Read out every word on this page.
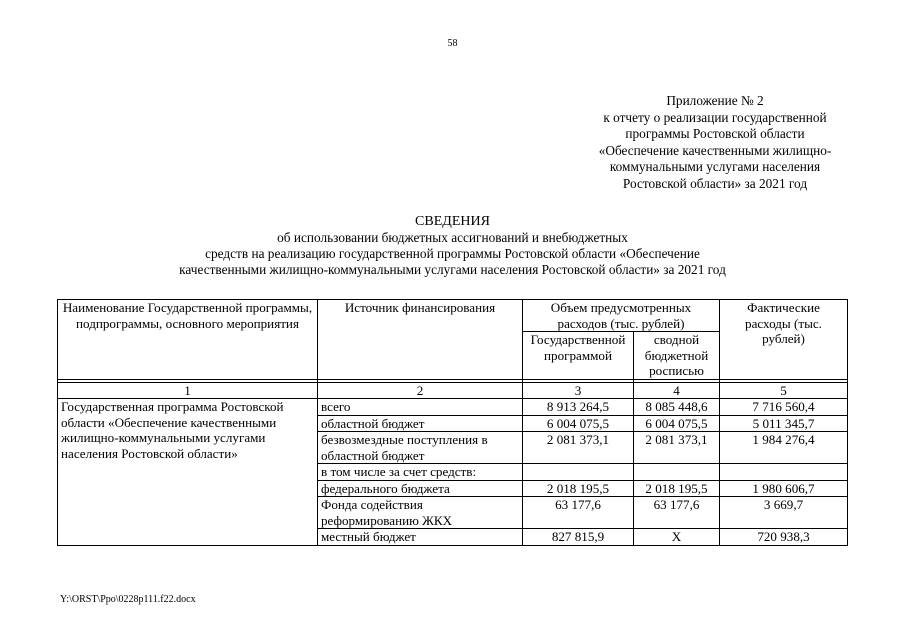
58
Приложение № 2
к отчету о реализации государственной
программы Ростовской области
«Обеспечение качественными жилищно-
коммунальными услугами населения
Ростовской области» за 2021 год
СВЕДЕНИЯ
об использовании бюджетных ассигнований и внебюджетных
средств на реализацию государственной программы Ростовской области «Обеспечение
качественными жилищно-коммунальными услугами населения Ростовской области» за 2021 год
Наименование Государственной программы, подпрограммы, основного мероприятия	Источник финансирования	Объем предусмотренных расходов (тыс. рублей)		Фактические расходы (тыс. рублей)
		Государственной программой	сводной бюджетной росписью	

1	2	3	4	5
Государственная программа Ростовской области «Обеспечение качественными жилищно-коммунальными услугами населения Ростовской области»	всего	8 913 264,5	8 085 448,6	7 716 560,4
	областной бюджет	6 004 075,5	6 004 075,5	5 011 345,7
	безвозмездные поступления в областной бюджет	2 081 373,1	2 081 373,1	1 984 276,4
	в том числе за счет средств:			
	федерального бюджета	2 018 195,5	2 018 195,5	1 980 606,7
	Фонда содействия реформированию ЖКХ	63 177,6	63 177,6	3 669,7
	местный бюджет	827 815,9	Х	720 938,3
Y:\ORST\Ppo\0228p111.f22.docx
